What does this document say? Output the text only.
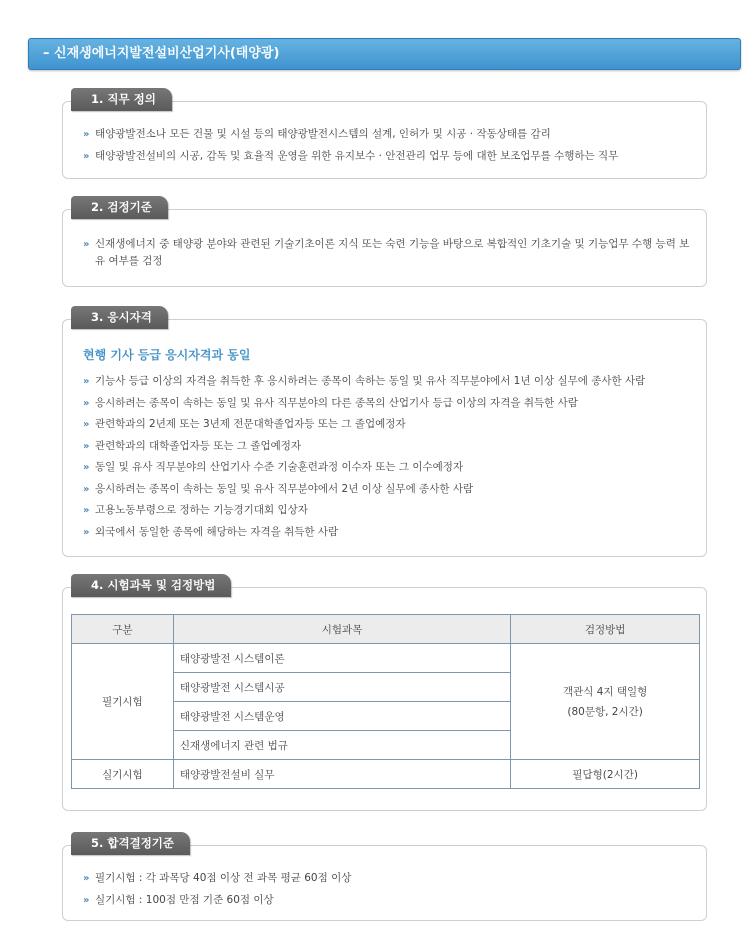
– 신재생에너지발전설비산업기사(태양광)
1. 직무 정의
» 태양광발전소나 모든 건물 및 시설 등의 태양광발전시스템의 설계, 인허가 및 시공 · 작동상태를 감리
» 태양광발전설비의 시공, 감독 및 효율적 운영을 위한 유지보수 · 안전관리 업무 등에 대한 보조업무를 수행하는 직무
2. 검정기준
» 신재생에너지 중 태양광 분야와 관련된 기술기초이론 지식 또는 숙련 기능을 바탕으로 복합적인 기초기술 및 기능업무 수행 능력 보유 여부를 검정
3. 응시자격
현행 기사 등급 응시자격과 동일
» 기능사 등급 이상의 자격을 취득한 후 응시하려는 종목이 속하는 동일 및 유사 직무분야에서 1년 이상 실무에 종사한 사람
» 응시하려는 종목이 속하는 동일 및 유사 직무분야의 다른 종목의 산업기사 등급 이상의 자격을 취득한 사람
» 관련학과의 2년제 또는 3년제 전문대학졸업자등 또는 그 졸업예정자
» 관련학과의 대학졸업자등 또는 그 졸업예정자
» 동일 및 유사 직무분야의 산업기사 수준 기술훈련과정 이수자 또는 그 이수예정자
» 응시하려는 종목이 속하는 동일 및 유사 직무분야에서 2년 이상 실무에 종사한 사람
» 고용노동부령으로 정하는 기능경기대회 입상자
» 외국에서 동일한 종목에 해당하는 자격을 취득한 사람
4. 시험과목 및 검정방법
구분	시험과목	검정방법
필기시험	태양광발전 시스템이론	객관식 4지 택일형
(80문항, 2시간)

	태양광발전 시스템시공	
	태양광발전 시스템운영	
	신재생에너지 관련 법규	
실기시험	태양광발전설비 실무	필답형(2시간)
5. 합격결정기준
» 필기시험 : 각 과목당 40점 이상 전 과목 평균 60점 이상
» 실기시험 : 100점 만점 기준 60점 이상
